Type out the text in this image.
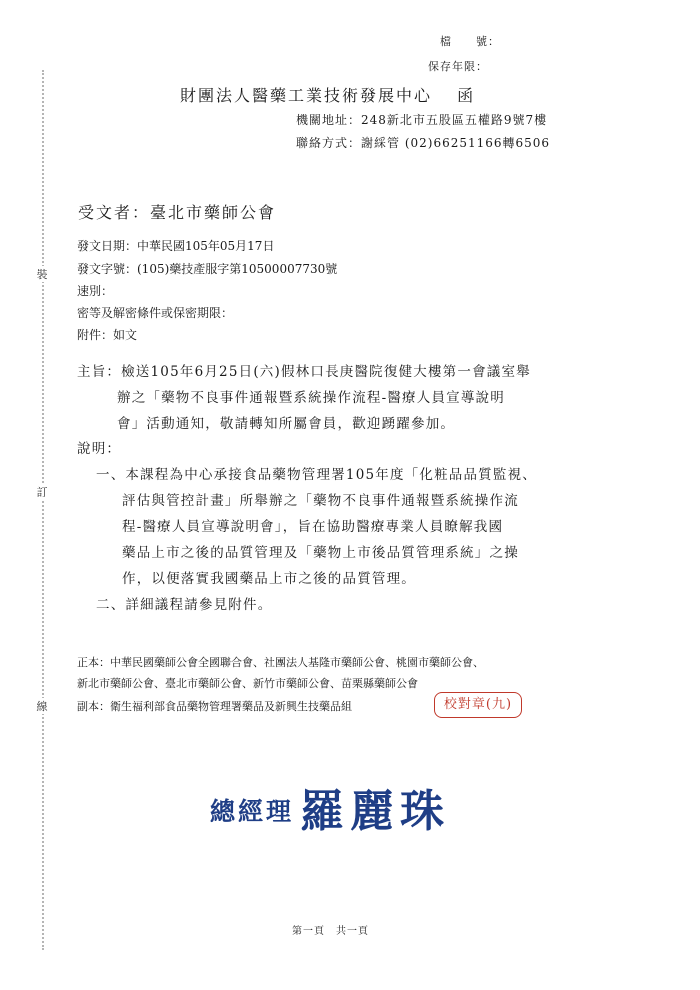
裝
訂
線
檔　　號：
保存年限：
財團法人醫藥工業技術發展中心　 函
機關地址：248新北市五股區五權路9號7樓
聯絡方式：謝綵管 (02)66251166轉6506
受文者：臺北市藥師公會
發文日期：中華民國105年05月17日
發文字號：(105)藥技產服字第10500007730號
速別：
密等及解密條件或保密期限：
附件：如文
主旨：檢送105年6月25日(六)假林口長庚醫院復健大樓第一會議室舉
辦之「藥物不良事件通報暨系統操作流程-醫療人員宣導說明
會」活動通知，敬請轉知所屬會員，歡迎踴躍參加。
說明：
一、本課程為中心承接食品藥物管理署105年度「化粧品品質監視、
評估與管控計畫」所舉辦之「藥物不良事件通報暨系統操作流
程-醫療人員宣導說明會」，旨在協助醫療專業人員瞭解我國
藥品上市之後的品質管理及「藥物上市後品質管理系統」之操
作，以便落實我國藥品上市之後的品質管理。
二、詳細議程請參見附件。
正本：中華民國藥師公會全國聯合會、社團法人基隆市藥師公會、桃園市藥師公會、
新北市藥師公會、臺北市藥師公會、新竹市藥師公會、苗栗縣藥師公會
副本：衛生福利部食品藥物管理署藥品及新興生技藥品組	校對章(九)
總經理 羅麗珠
第一頁　共一頁
